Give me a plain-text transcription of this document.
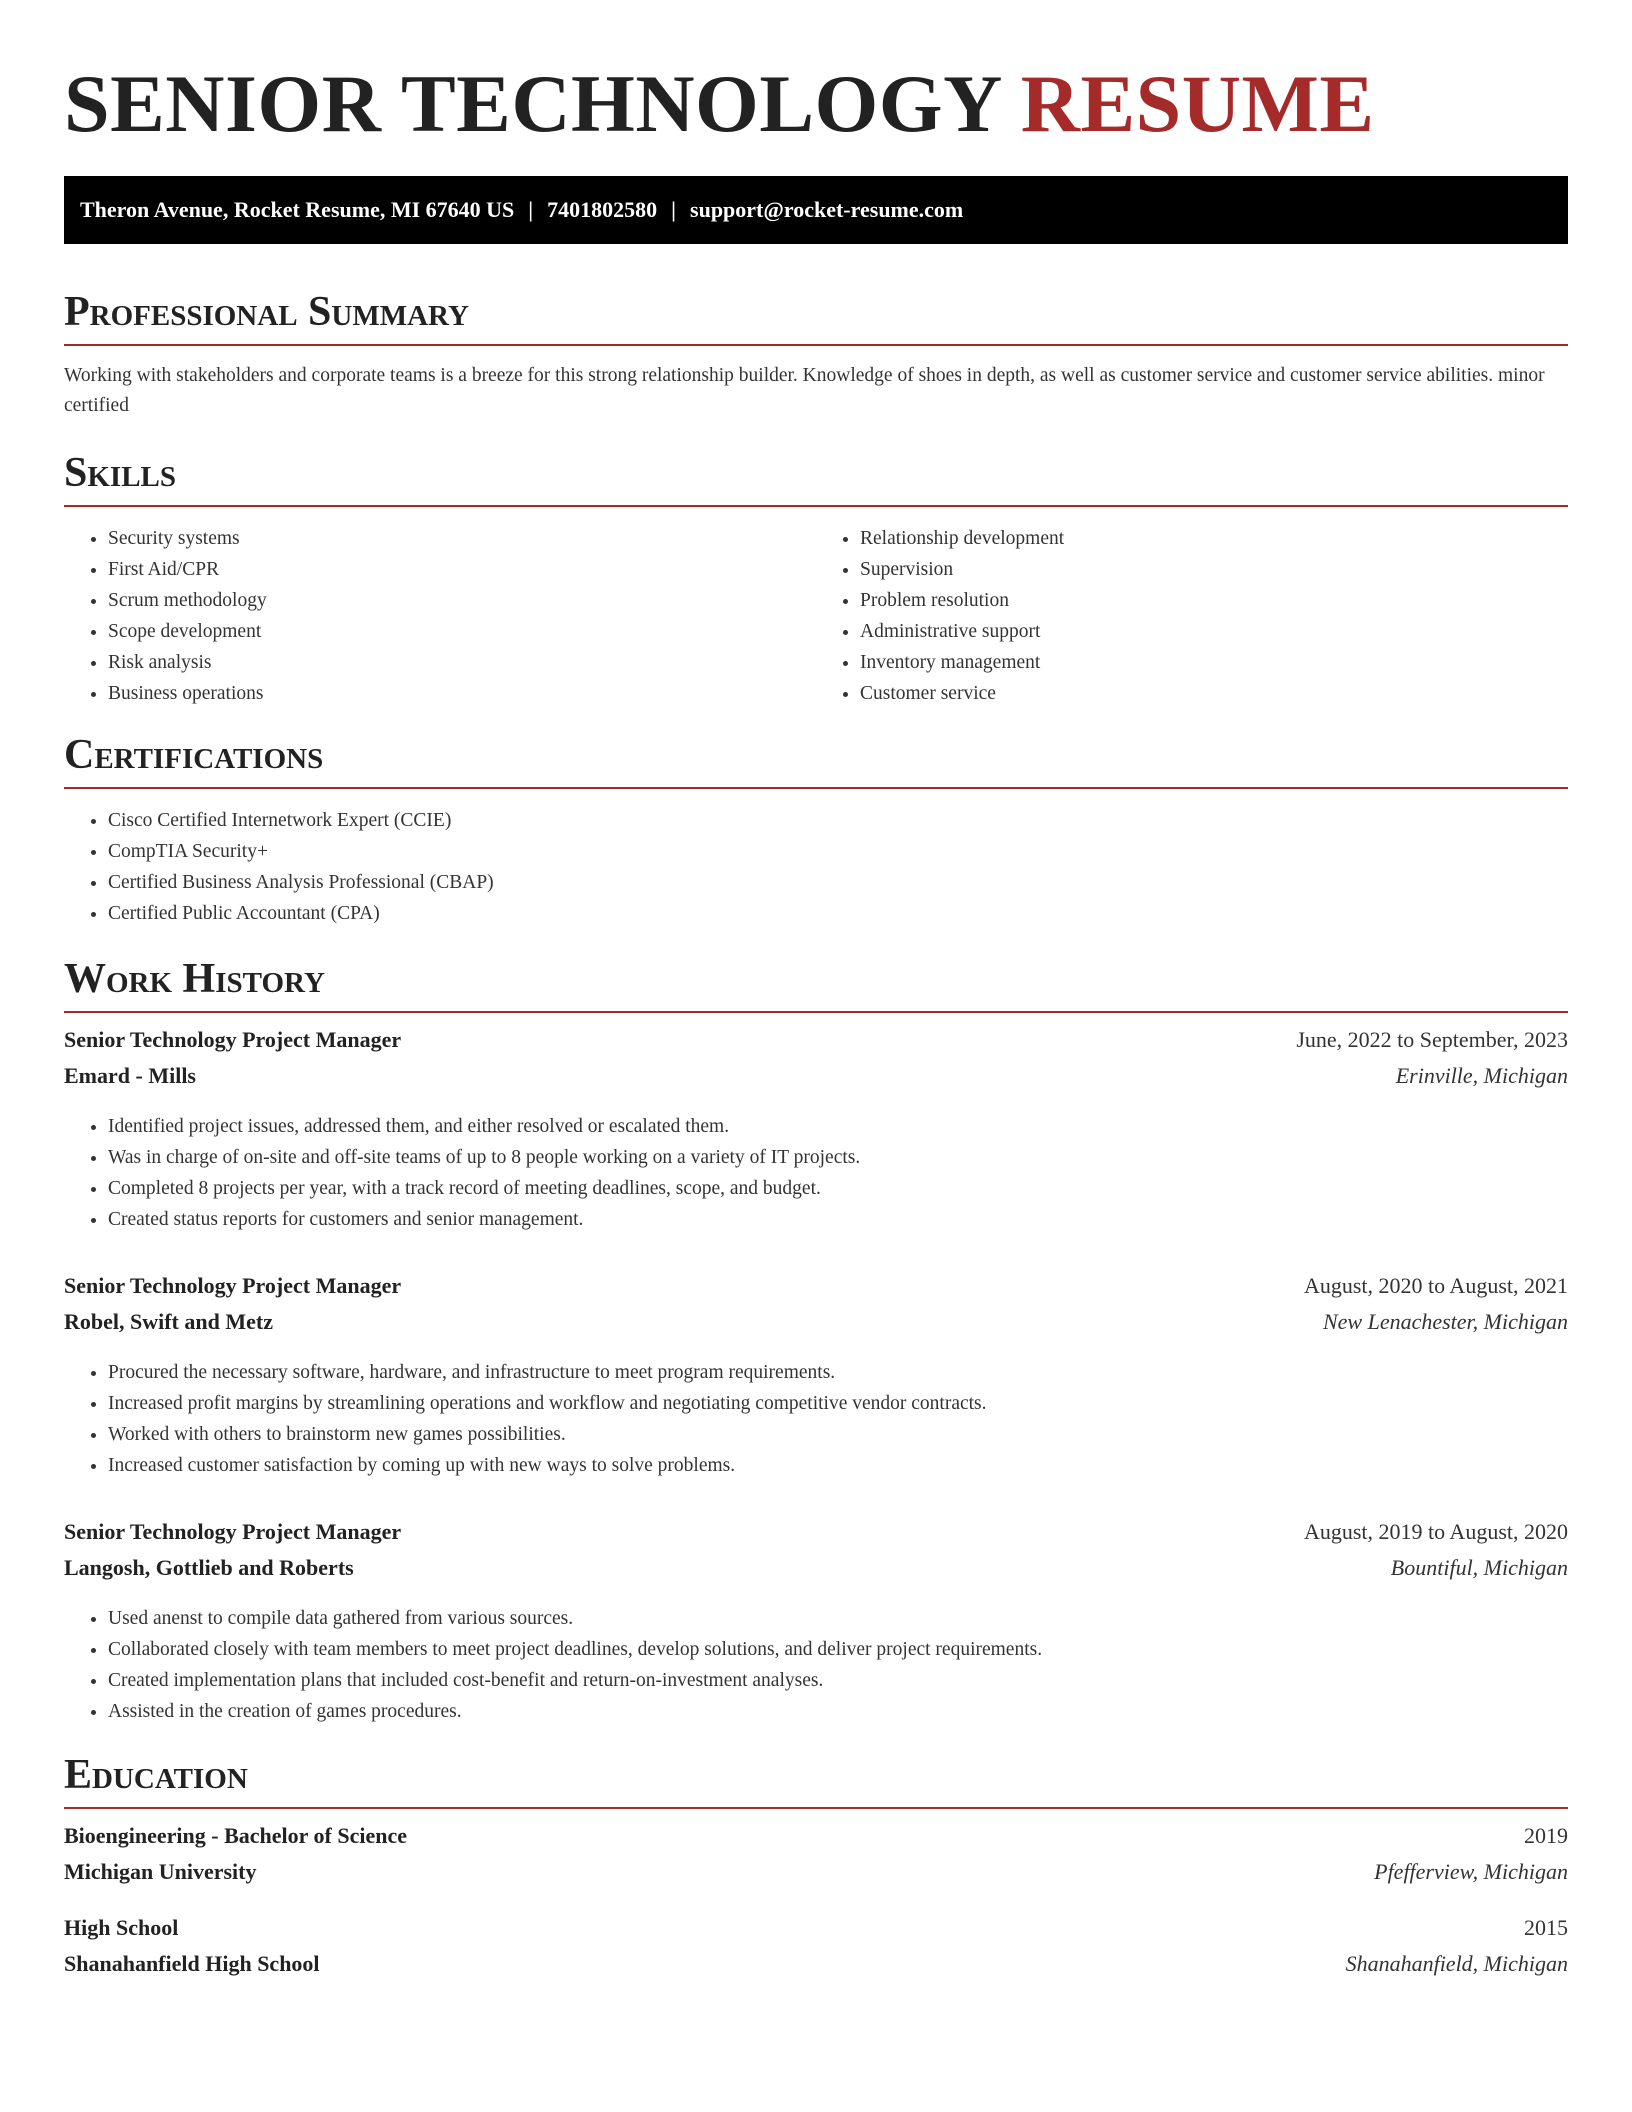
SENIOR TECHNOLOGY RESUME
Theron Avenue, Rocket Resume, MI 67640 US | 7401802580 | support@rocket-resume.com
Professional Summary

Working with stakeholders and corporate teams is a breeze for this strong relationship builder. Knowledge of shoes in depth, as well as customer service and customer service abilities. minor certified

Skills
• Security systems
• First Aid/CPR
• Scrum methodology
• Scope development
• Risk analysis
• Business operations
• Relationship development
• Supervision
• Problem resolution
• Administrative support
• Inventory management
• Customer service
Certifications
• Cisco Certified Internetwork Expert (CCIE)
• CompTIA Security+
• Certified Business Analysis Professional (CBAP)
• Certified Public Accountant (CPA)
Work History
Senior Technology Project Manager	June, 2022 to September, 2023
Emard - Mills	Erinville, Michigan
• Identified project issues, addressed them, and either resolved or escalated them.
• Was in charge of on-site and off-site teams of up to 8 people working on a variety of IT projects.
• Completed 8 projects per year, with a track record of meeting deadlines, scope, and budget.
• Created status reports for customers and senior management.
Senior Technology Project Manager	August, 2020 to August, 2021
Robel, Swift and Metz	New Lenachester, Michigan
• Procured the necessary software, hardware, and infrastructure to meet program requirements.
• Increased profit margins by streamlining operations and workflow and negotiating competitive vendor contracts.
• Worked with others to brainstorm new games possibilities.
• Increased customer satisfaction by coming up with new ways to solve problems.
Senior Technology Project Manager	August, 2019 to August, 2020
Langosh, Gottlieb and Roberts	Bountiful, Michigan
• Used anenst to compile data gathered from various sources.
• Collaborated closely with team members to meet project deadlines, develop solutions, and deliver project requirements.
• Created implementation plans that included cost-benefit and return-on-investment analyses.
• Assisted in the creation of games procedures.
Education
Bioengineering - Bachelor of Science	2019
Michigan University	Pfefferview, Michigan
High School	2015
Shanahanfield High School	Shanahanfield, Michigan
